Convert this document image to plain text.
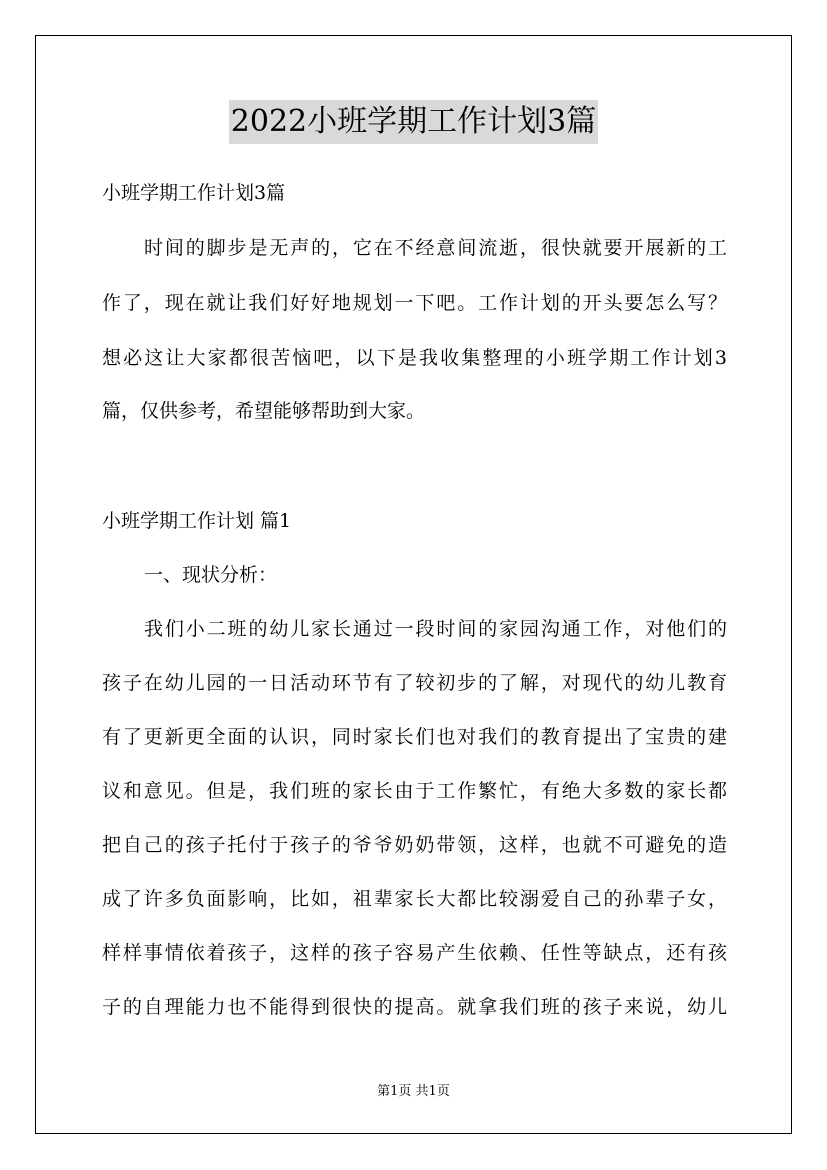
2022小班学期工作计划3篇
小班学期工作计划3篇
时间的脚步是无声的，它在不经意间流逝，很快就要开展新的工
作了，现在就让我们好好地规划一下吧。工作计划的开头要怎么写？
想必这让大家都很苦恼吧，以下是我收集整理的小班学期工作计划3
篇，仅供参考，希望能够帮助到大家。
小班学期工作计划 篇1
一、现状分析：
我们小二班的幼儿家长通过一段时间的家园沟通工作，对他们的
孩子在幼儿园的一日活动环节有了较初步的了解，对现代的幼儿教育
有了更新更全面的认识，同时家长们也对我们的教育提出了宝贵的建
议和意见。但是，我们班的家长由于工作繁忙，有绝大多数的家长都
把自己的孩子托付于孩子的爷爷奶奶带领，这样，也就不可避免的造
成了许多负面影响，比如，祖辈家长大都比较溺爱自己的孙辈子女，
样样事情依着孩子，这样的孩子容易产生依赖、任性等缺点，还有孩
子的自理能力也不能得到很快的提高。就拿我们班的孩子来说，幼儿
第1页 共1页
